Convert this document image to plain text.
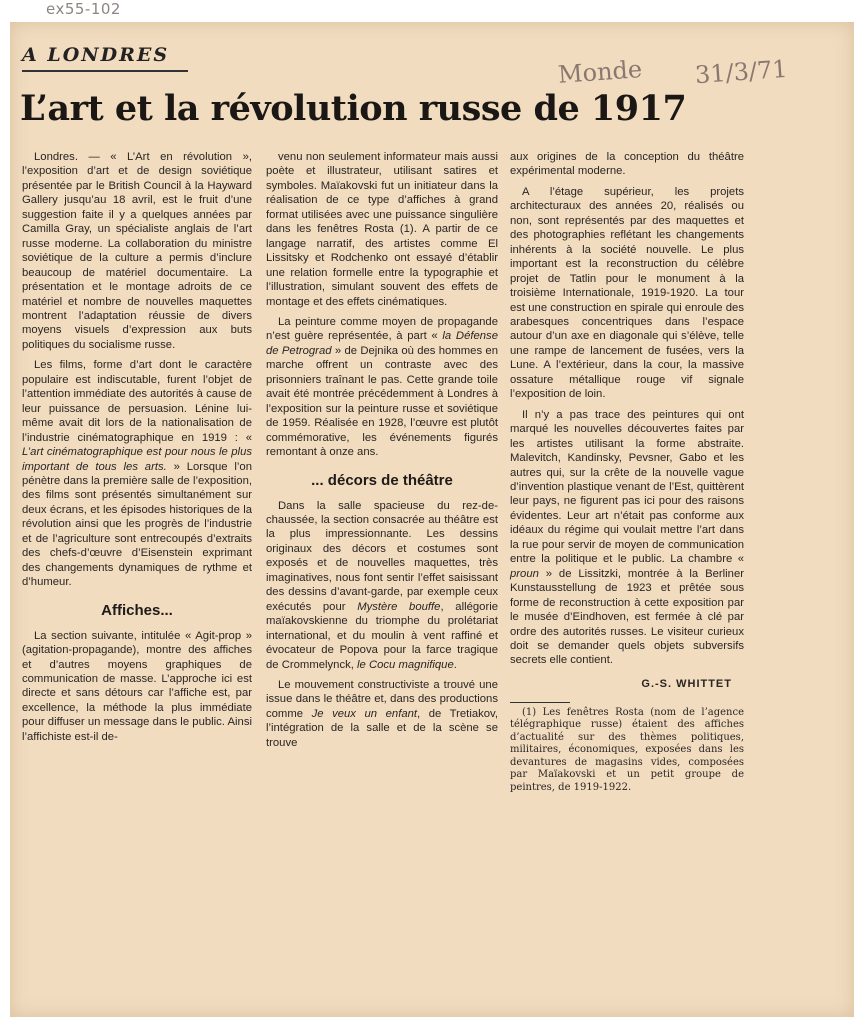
ex55-102
Monde 31/3/71
A LONDRES
L’art et la révolution russe de 1917

Londres. — « L’Art en révolution », l’exposition d’art et de design soviétique présentée par le British Council à la Hayward Gallery jusqu’au 18 avril, est le fruit d’une suggestion faite il y a quelques années par Camilla Gray, un spécialiste anglais de l’art russe moderne. La collaboration du ministre soviétique de la culture a permis d’inclure beaucoup de matériel documentaire. La présentation et le montage adroits de ce matériel et nombre de nouvelles maquettes montrent l’adaptation réussie de divers moyens visuels d’expression aux buts politiques du socialisme russe.

Les films, forme d’art dont le caractère populaire est indiscutable, furent l’objet de l’attention immédiate des autorités à cause de leur puissance de persuasion. Lénine lui-même avait dit lors de la nationalisation de l’industrie cinématographique en 1919 : « L’art cinématographique est pour nous le plus important de tous les arts. » Lorsque l’on pénètre dans la première salle de l’exposition, des films sont présentés simultanément sur deux écrans, et les épisodes historiques de la révolution ainsi que les progrès de l’industrie et de l’agriculture sont entrecoupés d’extraits des chefs-d’œuvre d’Eisenstein exprimant des changements dynamiques de rythme et d’humeur.

Affiches...

La section suivante, intitulée « Agit-prop » (agitation-propagande), montre des affiches et d’autres moyens graphiques de communication de masse. L’approche ici est directe et sans détours car l’affiche est, par excellence, la méthode la plus immédiate pour diffuser un message dans le public. Ainsi l’affichiste est-il de-

venu non seulement informateur mais aussi poète et illustrateur, utilisant satires et symboles. Maïakovski fut un initiateur dans la réalisation de ce type d’affiches à grand format utilisées avec une puissance singulière dans les fenêtres Rosta (1). A partir de ce langage narratif, des artistes comme El Lissitsky et Rodchenko ont essayé d’établir une relation formelle entre la typographie et l’illustration, simulant souvent des effets de montage et des effets cinématiques.

La peinture comme moyen de propagande n’est guère représentée, à part « la Défense de Petrograd » de Dejnika où des hommes en marche offrent un contraste avec des prisonniers traînant le pas. Cette grande toile avait été montrée précédemment à Londres à l’exposition sur la peinture russe et soviétique de 1959. Réalisée en 1928, l’œuvre est plutôt commémorative, les événements figurés remontant à onze ans.

... décors de théâtre

Dans la salle spacieuse du rez-de-chaussée, la section consacrée au théâtre est la plus impressionnante. Les dessins originaux des décors et costumes sont exposés et de nouvelles maquettes, très imaginatives, nous font sentir l’effet saisissant des dessins d’avant-garde, par exemple ceux exécutés pour Mystère bouffe, allégorie maïakovskienne du triomphe du prolétariat international, et du moulin à vent raffiné et évocateur de Popova pour la farce tragique de Crommelynck, le Cocu magnifique.

Le mouvement constructiviste a trouvé une issue dans le théâtre et, dans des productions comme Je veux un enfant, de Tretiakov, l’intégration de la salle et de la scène se trouve

aux origines de la conception du théâtre expérimental moderne.

A l’étage supérieur, les projets architecturaux des années 20, réalisés ou non, sont représentés par des maquettes et des photographies reflétant les changements inhérents à la société nouvelle. Le plus important est la reconstruction du célèbre projet de Tatlin pour le monument à la troisième Internationale, 1919-1920. La tour est une construction en spirale qui enroule des arabesques concentriques dans l’espace autour d’un axe en diagonale qui s’élève, telle une rampe de lancement de fusées, vers la Lune. A l’extérieur, dans la cour, la massive ossature métallique rouge vif signale l’exposition de loin.

Il n’y a pas trace des peintures qui ont marqué les nouvelles découvertes faites par les artistes utilisant la forme abstraite. Malevitch, Kandinsky, Pevsner, Gabo et les autres qui, sur la crête de la nouvelle vague d’invention plastique venant de l’Est, quittèrent leur pays, ne figurent pas ici pour des raisons évidentes. Leur art n’était pas conforme aux idéaux du régime qui voulait mettre l’art dans la rue pour servir de moyen de communication entre la politique et le public. La chambre « proun » de Lissitzki, montrée à la Berliner Kunstausstellung de 1923 et prêtée sous forme de reconstruction à cette exposition par le musée d’Eindhoven, est fermée à clé par ordre des autorités russes. Le visiteur curieux doit se demander quels objets subversifs secrets elle contient.

G.-S. WHITTET

(1) Les fenêtres Rosta (nom de l’agence télégraphique russe) étaient des affiches d’actualité sur des thèmes politiques, militaires, économiques, exposées dans les devantures de magasins vides, composées par Maïakovski et un petit groupe de peintres, de 1919-1922.
